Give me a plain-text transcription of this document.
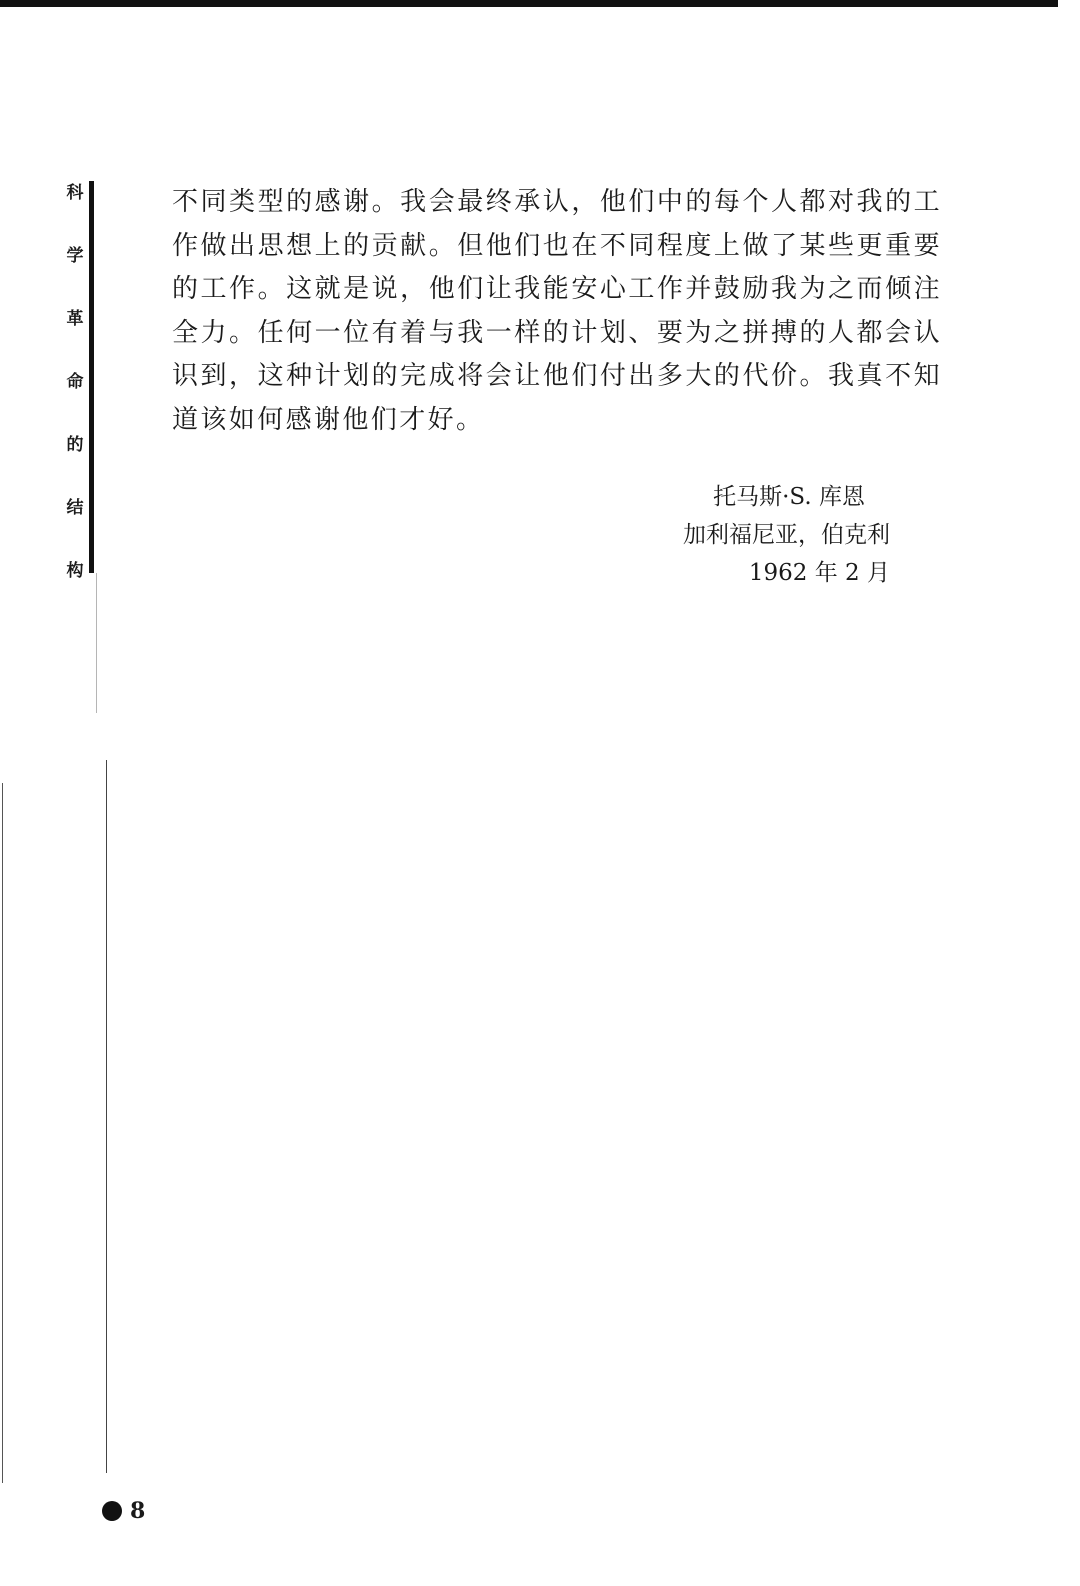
科
学
革
命
的
结
构

不同类型的感谢。我会最终承认，他们中的每个人都对我的工作做出思想上的贡献。但他们也在不同程度上做了某些更重要的工作。这就是说，他们让我能安心工作并鼓励我为之而倾注全力。任何一位有着与我一样的计划、要为之拼搏的人都会认识到，这种计划的完成将会让他们付出多大的代价。我真不知道该如何感谢他们才好。

托马斯·S. 库恩
加利福尼亚，伯克利
1962 年 2 月
8
